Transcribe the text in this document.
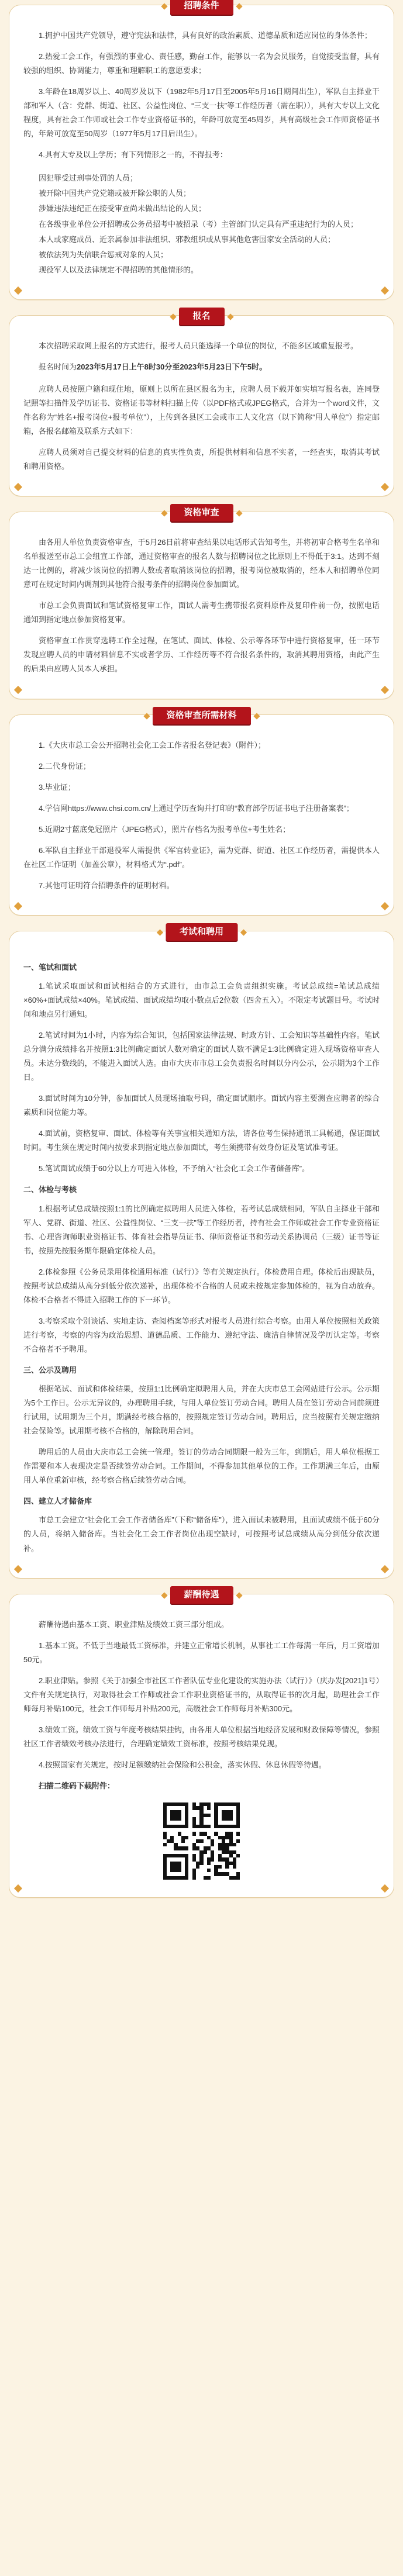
招聘条件

1.拥护中国共产党领导，遵守宪法和法律，具有良好的政治素质、道德品质和适应岗位的身体条件；

2.热爱工会工作，有强烈的事业心、责任感，勤奋工作，能够以一名为会员服务，自觉接受监督，具有较强的组织、协调能力，尊重和理解职工的意愿要求；

3.年龄在18周岁以上、40周岁及以下（1982年5月17日至2005年5月16日期间出生），军队自主择业干部和军人（含：党群、街道、社区、公益性岗位、“三支一扶”等工作经历者（需在职）），具有大专以上文化程度，具有社会工作师或社会工作专业资格证书的，年龄可放宽至45周岁，具有高级社会工作师资格证书的，年龄可放宽至50周岁（1977年5月17日后出生）。

4.具有大专及以上学历；有下列情形之一的，不得报考：

因犯罪受过刑事处罚的人员；

被开除中国共产党党籍或被开除公职的人员；

涉嫌违法违纪正在接受审查尚未做出结论的人员；

在各级事业单位公开招聘或公务员招考中被招录（考）主管部门认定具有严重违纪行为的人员；

本人或家庭成员、近亲属参加非法组织、邪教组织或从事其他危害国家安全活动的人员；

被依法列为失信联合惩戒对象的人员；

现役军人以及法律规定不得招聘的其他情形的。

报名

本次招聘采取网上报名的方式进行，报考人员只能选择一个单位的岗位，不能多区域重复报考。

报名时间为2023年5月17日上午8时30分至2023年5月23日下午5时。

应聘人员按照户籍和现住地，原则上以所在县区报名为主，应聘人员下载并如实填写报名表，连同登记照等扫描件及学历证书、资格证书等材料扫描上传（以PDF格式或JPEG格式，合并为一个word文件，文件名称为“姓名+报考岗位+报考单位”），上传到各县区工会或市工人文化宫（以下简称“用人单位”）指定邮箱，各报名邮箱及联系方式如下：

应聘人员须对自己提交材料的信息的真实性负责，所提供材料和信息不实者，一经查实，取消其考试和聘用资格。

资格审查

由各用人单位负责资格审查，于5月26日前将审查结果以电话形式告知考生，并将初审合格考生名单和名单报送至市总工会组宣工作部，通过资格审查的报名人数与招聘岗位之比原则上不得低于3:1。达到不刻达一比例的，将减少该岗位的招聘人数或者取消该岗位的招聘，报考岗位被取消的，经本人和招聘单位同意可在规定时间内调剂到其他符合报考条件的招聘岗位参加面试。

市总工会负责面试和笔试资格复审工作，面试人需考生携带报名资料原件及复印件前一份，按照电话通知到指定地点参加资格复审。

资格审查工作贯穿选聘工作全过程，在笔试、面试、体检、公示等各环节中进行资格复审，任一环节发现应聘人员的申请材料信息不实或者学历、工作经历等不符合报名条件的，取消其聘用资格，由此产生的后果由应聘人员本人承担。

资格审查所需材料

1.《大庆市总工会公开招聘社会化工会工作者报名登记表》（附件）；

2.二代身份证；

3.毕业证；

4.学信网https://www.chsi.com.cn/上通过学历查询并打印的“教育部学历证书电子注册备案表”；

5.近期2寸蓝底免冠照片（JPEG格式），照片存档名为报考单位+考生姓名；

6.军队自主择业干部退役军人需提供《军官转业证》，需为党群、街道、社区工作经历者，需提供本人在社区工作证明（加盖公章），材料格式为“.pdf”。

7.其他可证明符合招聘条件的证明材料。

考试和聘用
一、笔试和面试

1.笔试采取面试和面试相结合的方式进行，由市总工会负责组织实施。考试总成绩=笔试总成绩×60%+面试成绩×40%。笔试成绩、面试成绩均取小数点后2位数（四舍五入）。不限定考试题目号。考试时间和地点另行通知。

2.笔试时间为1小时，内容为综合知识，包括国家法律法规、时政方针、工会知识等基础性内容。笔试总分满分成绩排名并按照1:3比例确定面试人数对确定的面试人数不满足1:3比例确定进入现场资格审查人员。未达分数线的，不能进入面试人选。由市大庆市市总工会负责报名时间以分内公示，公示期为3个工作日。

3.面试时间为10分钟，参加面试人员现场抽取号码，确定面试顺序。面试内容主要测查应聘者的综合素质和岗位能力等。

4.面试前，资格复审、面试、体检等有关事宜相关通知方法，请各位考生保持通讯工具畅通，保证面试时间。考生须在规定时间内按要求到指定地点参加面试，考生须携带有效身份证及笔试准考证。

5.笔试面试成绩于60分以上方可进入体检，不予纳入“社会化工会工作者储备库”。

二、体检与考核

1.根据考试总成绩按照1:1的比例确定拟聘用人员进入体检，若考试总成绩相同，军队自主择业干部和军人、党群、街道、社区、公益性岗位、“三支一扶”等工作经历者，持有社会工作师或社会工作专业资格证书、心理咨询师职业资格证书、体育社会指导员证书、律师资格证书和劳动关系协调员（三级）证书等证书，按照先按服务期年限确定体检人员。

2.体检参照《公务员录用体检通用标准（试行）》等有关规定执行。体检费用自理。体检后出现缺员，按照考试总成绩从高分到低分依次递补，出现体检不合格的人员或未按规定参加体检的，视为自动放弃。体检不合格者不得进入招聘工作的下一环节。

3.考察采取个别谈话、实地走访、查阅档案等形式对报考人员进行综合考察。由用人单位按照相关政策进行考察，考察的内容为政治思想、道德品质、工作能力、遵纪守法、廉洁自律情况及学历认定等。考察不合格者不予聘用。

三、公示及聘用

根据笔试、面试和体检结果，按照1:1比例确定拟聘用人员，并在大庆市总工会网站进行公示。公示期为5个工作日。公示无异议的，办理聘用手续，与用人单位签订劳动合同。聘用人员在签订劳动合同前须进行试用，试用期为三个月，期满经考核合格的，按照规定签订劳动合同。聘用后，应当按照有关规定缴纳社会保险等。试用期考核不合格的，解除聘用合同。

聘用后的人员由大庆市总工会统一管理。签订的劳动合同期限一般为三年，到期后，用人单位根据工作需要和本人表现决定是否续签劳动合同。工作期间，不得参加其他单位的工作。工作期满三年后，由原用人单位重新审核，经考察合格后续签劳动合同。

四、建立人才储备库

市总工会建立“社会化工会工作者储备库”（下称“储备库”），进入面试未被聘用，且面试成绩不低于60分的人员，将纳入储备库。当社会化工会工作者岗位出现空缺时，可按照考试总成绩从高分到低分依次递补。

薪酬待遇

薪酬待遇由基本工资、职业津贴及绩效工资三部分组成。

1.基本工资。不低于当地最低工资标准，并建立正常增长机制，从事社工工作每满一年后，月工资增加50元。

2.职业津贴。参照《关于加强全市社区工作者队伍专业化建设的实施办法（试行）》（庆办发[2021]1号）文件有关规定执行，对取得社会工作师或社会工作职业资格证书的，从取得证书的次月起，助理社会工作师每月补贴100元，社会工作师每月补贴200元，高级社会工作师每月补贴300元。

3.绩效工资。绩效工资与年度考核结果挂钩，由各用人单位根据当地经济发展和财政保障等情况，参照社区工作者绩效考核办法进行，合理确定绩效工资标准，按照考核结果兑现。

4.按照国家有关规定，按时足额缴纳社会保险和公积金，落实休假、休息休假等待遇。

扫描二维码下载附件：
